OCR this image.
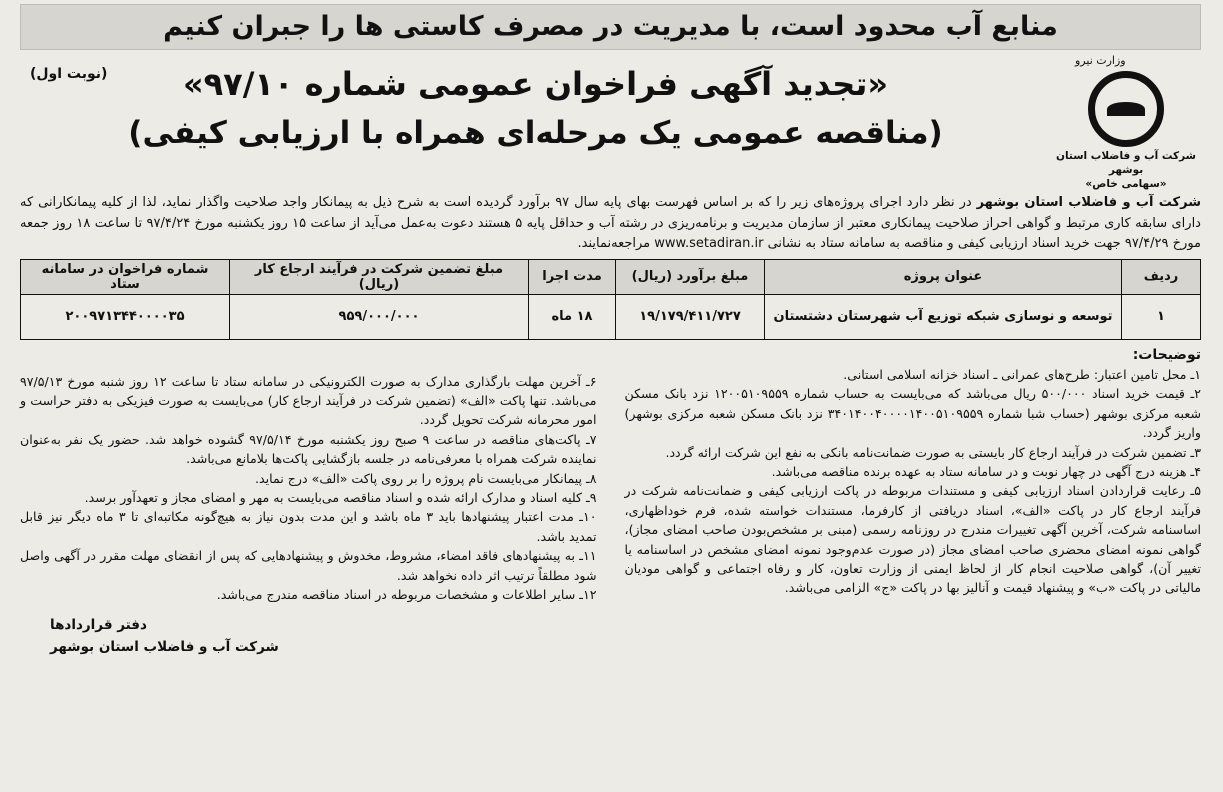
منابع آب محدود است، با مدیریت در مصرف کاستی ها را جبران کنیم
وزارت نیرو
شرکت آب و فاضلاب استان بوشهر
«سهامی خاص»
«تجدید آگهی فراخوان عمومی شماره ۹۷/۱۰»
(مناقصه عمومی یک مرحله‌ای همراه با ارزیابی کیفی)
(نوبت اول)
شرکت آب و فاضلاب استان بوشهر در نظر دارد اجرای پروژه‌های زیر را که بر اساس فهرست بهای پایه سال ۹۷ برآورد گردیده است به شرح ذیل به پیمانکار واجد صلاحیت واگذار نماید، لذا از کلیه پیمانکارانی که دارای سابقه کاری مرتبط و گواهی احراز صلاحیت پیمانکاری معتبر از سازمان مدیریت و برنامه‌ریزی در رشته آب و حداقل پایه ۵ هستند دعوت به‌عمل می‌آید از ساعت ۱۵ روز یکشنبه مورخ ۹۷/۴/۲۴ تا ساعت ۱۸ روز جمعه مورخ ۹۷/۴/۲۹ جهت خرید اسناد ارزیابی کیفی و مناقصه به سامانه ستاد به نشانی www.setadiran.ir مراجعه‌نمایند.
ردیف	عنوان پروژه	مبلغ برآورد (ریال)	مدت اجرا	مبلغ تضمین شرکت در فرآیند ارجاع کار (ریال)	شماره فراخوان در سامانه ستاد
۱	توسعه و نوسازی شبکه توزیع آب شهرستان دشتستان	۱۹/۱۷۹/۴۱۱/۷۲۷	۱۸ ماه	۹۵۹/۰۰۰/۰۰۰	۲۰۰۹۷۱۳۴۴۰۰۰۰۳۵
توضیحات:

۱ـ محل تامین اعتبار: طرح‌های عمرانی ـ اسناد خزانه اسلامی استانی.

۲ـ قیمت خرید اسناد ۵۰۰/۰۰۰ ریال می‌باشد که می‌بایست به حساب شماره ۱۲۰۰۵۱۰۹۵۵۹ نزد بانک مسکن شعبه مرکزی بوشهر (حساب شبا شماره ۳۴۰۱۴۰۰۴۰۰۰۰۱۴۰۰۵۱۰۹۵۵۹ نزد بانک مسکن شعبه مرکزی بوشهر) واریز گردد.

۳ـ تضمین شرکت در فرآیند ارجاع کار بایستی به صورت ضمانت‌نامه بانکی به نفع این شرکت ارائه گردد.

۴ـ هزینه درج آگهی در چهار نوبت و در سامانه ستاد به عهده برنده مناقصه می‌باشد.

۵ـ رعایت قراردادن اسناد ارزیابی کیفی و مستندات مربوطه در پاکت ارزیابی کیفی و ضمانت‌نامه شرکت در فرآیند ارجاع کار در پاکت «الف»، اسناد دریافتی از کارفرما، مستندات خواسته شده، فرم خوداظهاری، اساسنامه شرکت، آخرین آگهی تغییرات مندرج در روزنامه رسمی (مبنی بر مشخص‌بودن صاحب امضای مجاز)، گواهی نمونه امضای محضری صاحب امضای مجاز (در صورت عدم‌وجود نمونه امضای مشخص در اساسنامه یا تغییر آن)، گواهی صلاحیت انجام کار از لحاظ ایمنی از وزارت تعاون، کار و رفاه اجتماعی و گواهی مودیان مالیاتی در پاکت «ب» و پیشنهاد قیمت و آنالیز بها در پاکت «ج» الزامی می‌باشد.

۶ـ آخرین مهلت بارگذاری مدارک به صورت الکترونیکی در سامانه ستاد تا ساعت ۱۲ روز شنبه مورخ ۹۷/۵/۱۳ می‌باشد. تنها پاکت «الف» (تضمین شرکت در فرآیند ارجاع کار) می‌بایست به صورت فیزیکی به دفتر حراست و امور محرمانه شرکت تحویل گردد.

۷ـ پاکت‌های مناقصه در ساعت ۹ صبح روز یکشنبه مورخ ۹۷/۵/۱۴ گشوده خواهد شد. حضور یک نفر به‌عنوان نماینده شرکت همراه با معرفی‌نامه در جلسه بازگشایی پاکت‌ها بلامانع می‌باشد.

۸ـ پیمانکار می‌بایست نام پروژه را بر روی پاکت «الف» درج نماید.

۹ـ کلیه اسناد و مدارک ارائه شده و اسناد مناقصه می‌بایست به مهر و امضای مجاز و تعهدآور برسد.

۱۰ـ مدت اعتبار پیشنهادها باید ۳ ماه باشد و این مدت بدون نیاز به هیچ‌گونه مکاتبه‌ای تا ۳ ماه دیگر نیز قابل تمدید باشد.

۱۱ـ به پیشنهادهای فاقد امضاء، مشروط، مخدوش و پیشنهادهایی که پس از انقضای مهلت مقرر در آگهی واصل شود مطلقاً ترتیب اثر داده نخواهد شد.

۱۲ـ سایر اطلاعات و مشخصات مربوطه در اسناد مناقصه مندرج می‌باشد.

دفتر قراردادها
شرکت آب و فاضلاب استان بوشهر
